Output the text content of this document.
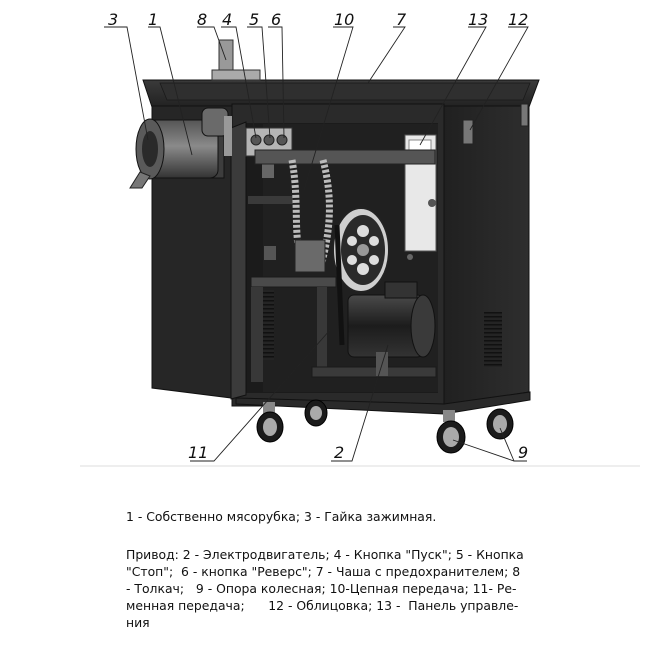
3 1 8 4 5 6	10	7	13 12
11	2	9

1 - Собственно мясорубка; 3 - Гайка зажимная.

Привод: 2 - Электродвигатель; 4 - Кнопка "Пуск"; 5 - Кнопка
"Стоп";  6 - кнопка "Реверс"; 7 - Чаша с предохранителем; 8
- Толкач;   9 - Опора колесная; 10-Цепная передача; 11- Ре-
менная передача;      12 - Облицовка; 13 -  Панель управле-
ния
